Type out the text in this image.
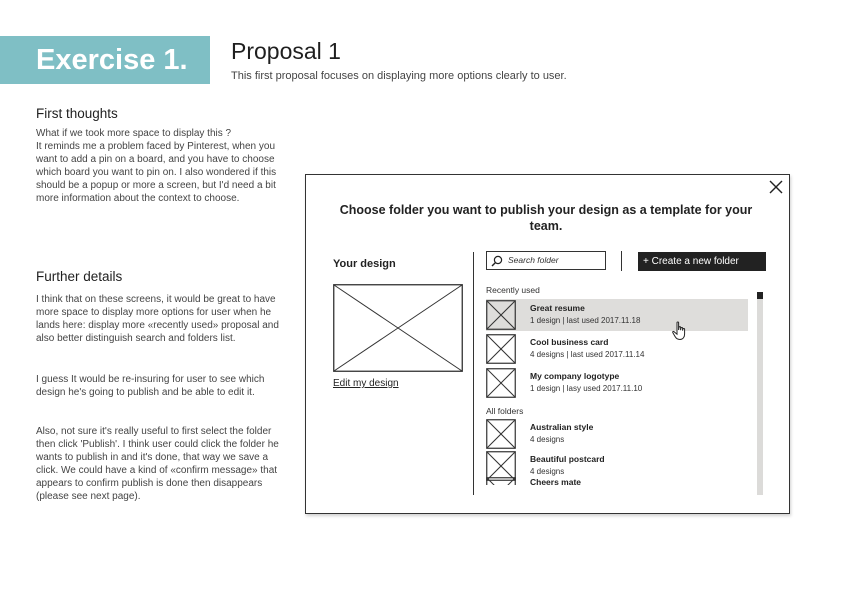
Exercise 1. Proposal 1
This first proposal focuses on displaying more options clearly to user.
First thoughts
What if we took more space to display this ?
It reminds me a problem faced by Pinterest, when you want to add a pin on a board, and you have to choose which board you want to pin on. I also wondered if this should be a popup or more a screen, but I'd need a bit more information about the context to choose.
Further details
I think that on these screens, it would be great to have more space to display more options for user when he lands here: display more «recently used» proposal and also better distinguish search and folders list.
I guess It would be re-insuring for user to see which design he's going to publish and be able to edit it.
Also, not sure it's really useful to first select the folder then click 'Publish'. I think user could click the folder he wants to publish in and it's done, that way we save a click. We could have a kind of «confirm message» that appears to confirm publish is done then disappears (please see next page).
Choose folder you want to publish your design as a template for your team.
Your design
Edit my design
Search folder	+ Create a new folder
Recently used
Great resume
1 design | last used 2017.11.18
Cool business card
4 designs | last used 2017.11.14
My company logotype
1 design | lasy used 2017.11.10
All folders
Australian style
4 designs
Beautiful postcard
4 designs
Cheers mate
